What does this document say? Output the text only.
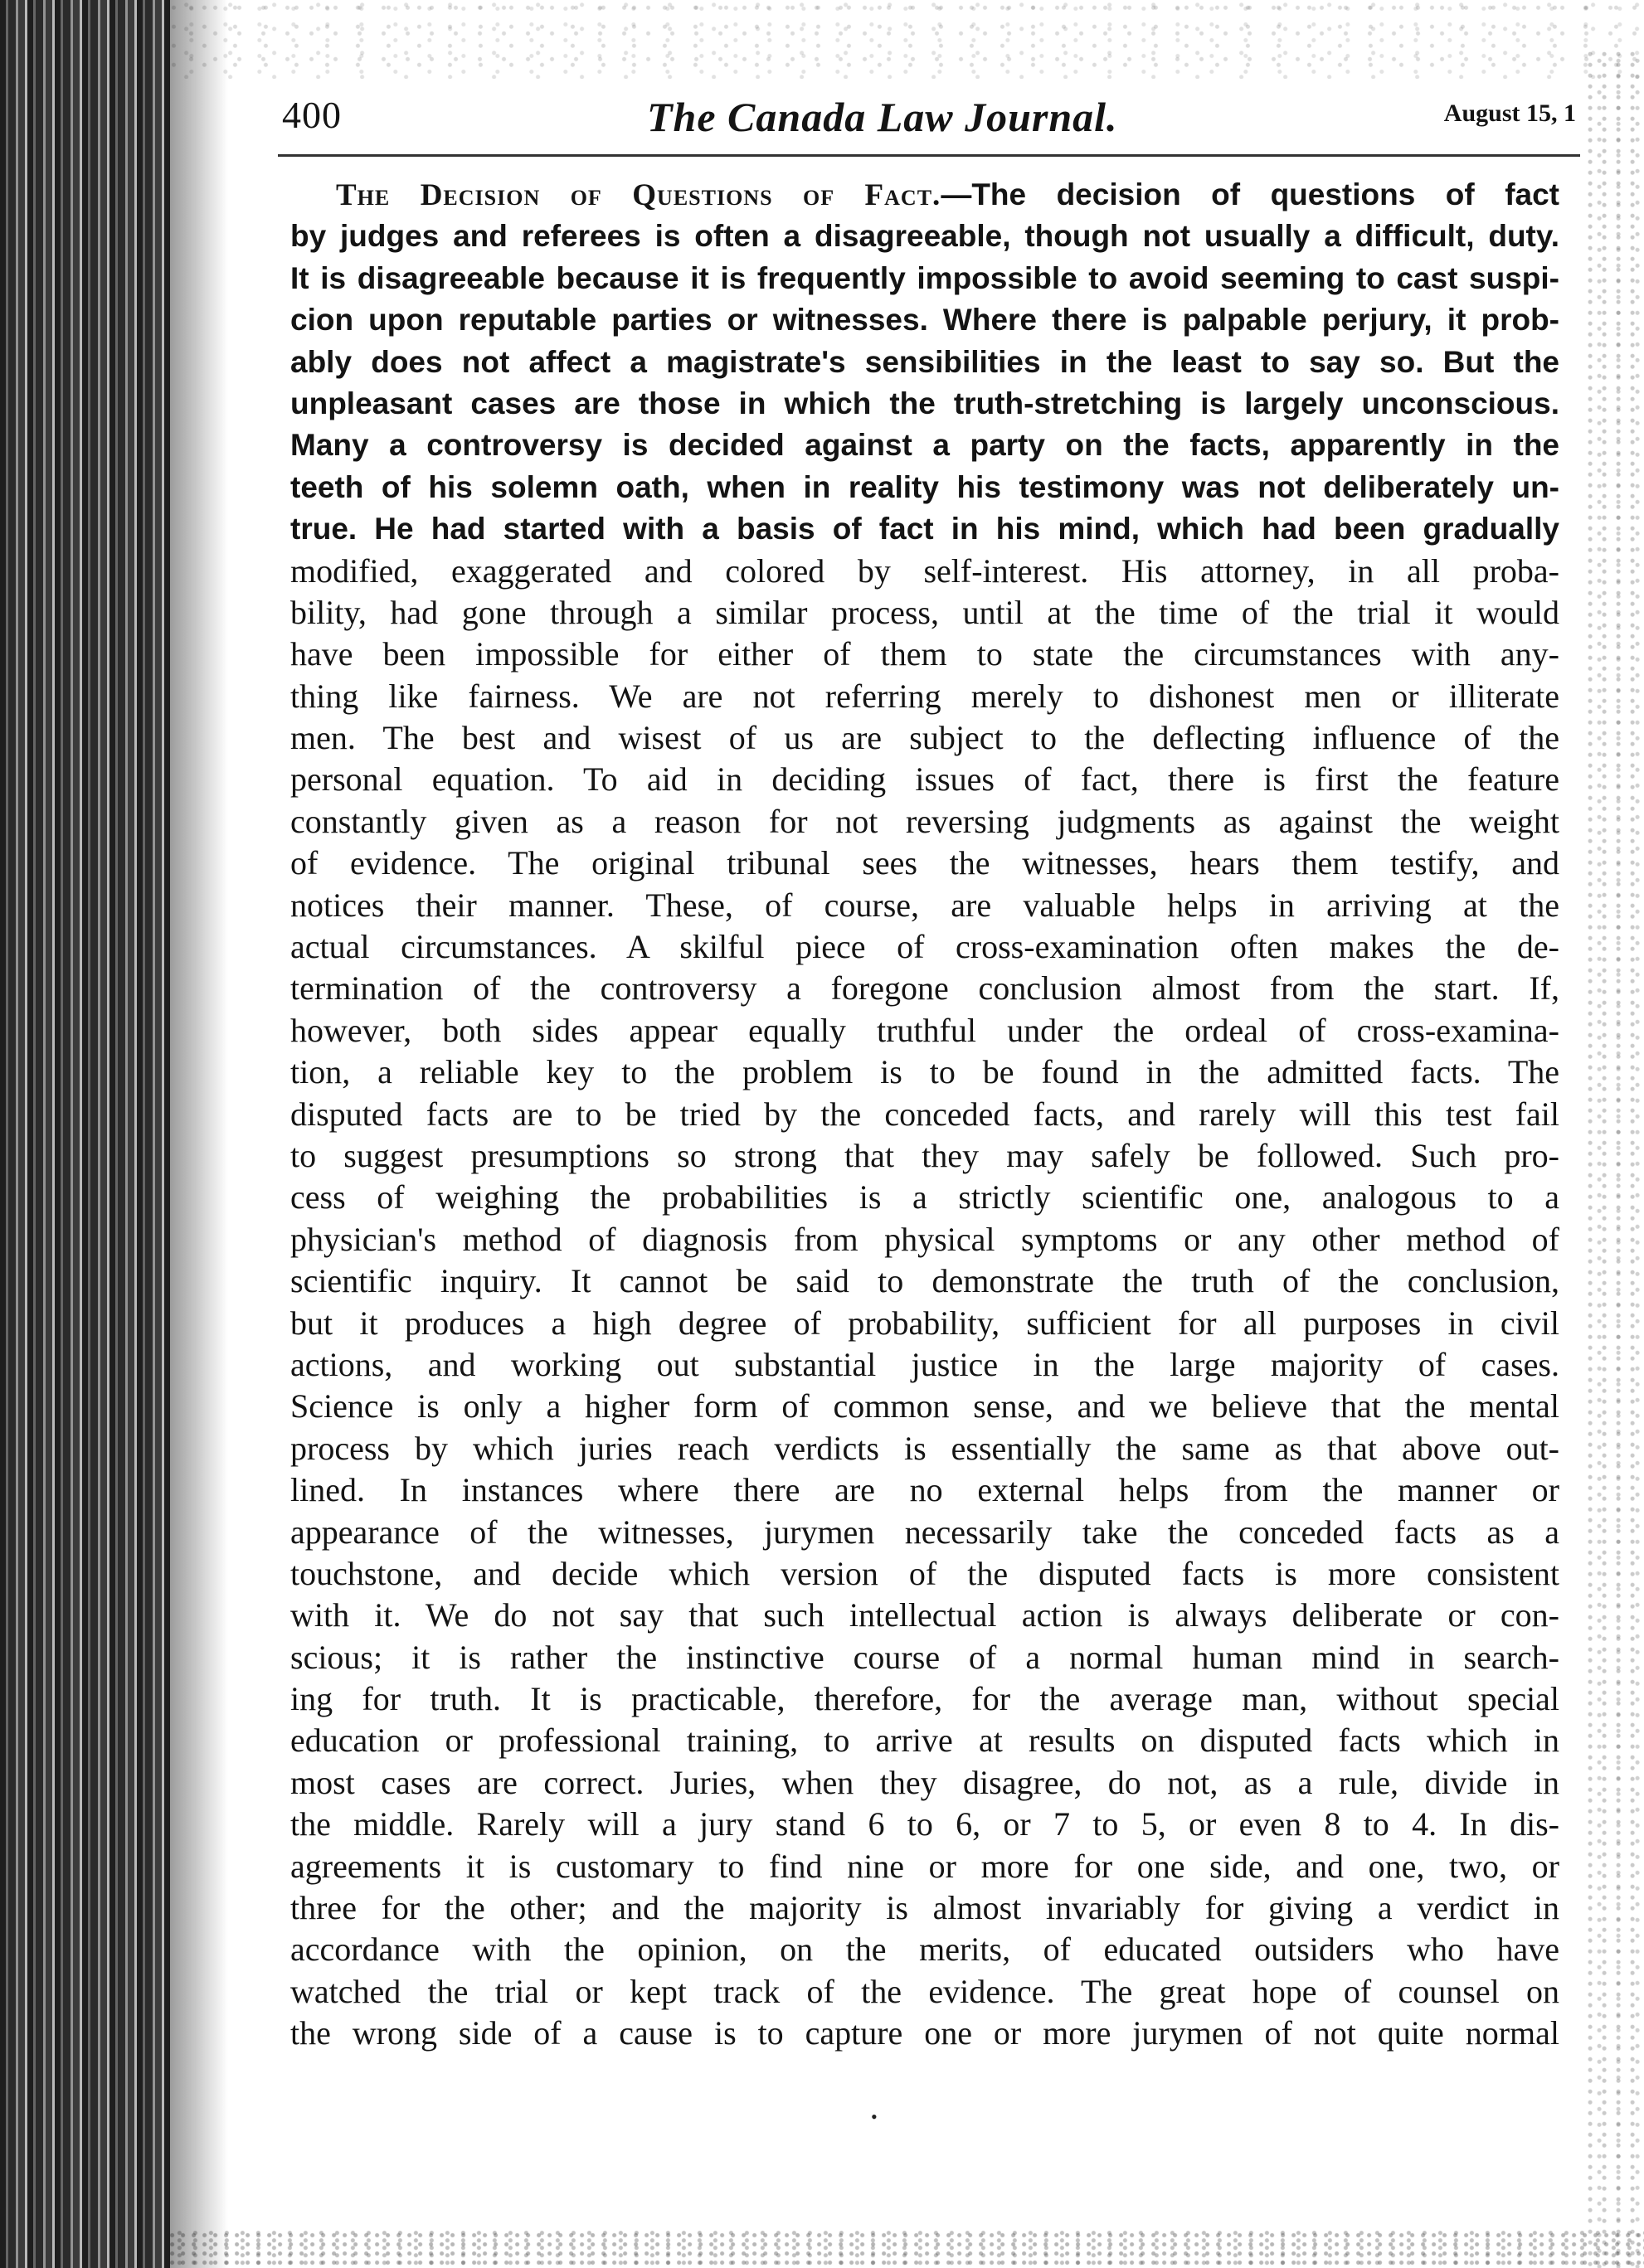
400	The Canada Law Journal.	August 15, 1
The Decision of Questions of Fact.—The decision of questions of fact
by judges and referees is often a disagreeable, though not usually a difficult, duty.
It is disagreeable because it is frequently impossible to avoid seeming to cast suspi-
cion upon reputable parties or witnesses. Where there is palpable perjury, it prob-
ably does not affect a magistrate's sensibilities in the least to say so. But the
unpleasant cases are those in which the truth-stretching is largely unconscious.
Many a controversy is decided against a party on the facts, apparently in the
teeth of his solemn oath, when in reality his testimony was not deliberately un-
true. He had started with a basis of fact in his mind, which had been gradually
modified, exaggerated and colored by self-interest. His attorney, in all proba-
bility, had gone through a similar process, until at the time of the trial it would
have been impossible for either of them to state the circumstances with any-
thing like fairness. We are not referring merely to dishonest men or illiterate
men. The best and wisest of us are subject to the deflecting influence of the
personal equation. To aid in deciding issues of fact, there is first the feature
constantly given as a reason for not reversing judgments as against the weight
of evidence. The original tribunal sees the witnesses, hears them testify, and
notices their manner. These, of course, are valuable helps in arriving at the
actual circumstances. A skilful piece of cross-examination often makes the de-
termination of the controversy a foregone conclusion almost from the start. If,
however, both sides appear equally truthful under the ordeal of cross-examina-
tion, a reliable key to the problem is to be found in the admitted facts. The
disputed facts are to be tried by the conceded facts, and rarely will this test fail
to suggest presumptions so strong that they may safely be followed. Such pro-
cess of weighing the probabilities is a strictly scientific one, analogous to a
physician's method of diagnosis from physical symptoms or any other method of
scientific inquiry. It cannot be said to demonstrate the truth of the conclusion,
but it produces a high degree of probability, sufficient for all purposes in civil
actions, and working out substantial justice in the large majority of cases.
Science is only a higher form of common sense, and we believe that the mental
process by which juries reach verdicts is essentially the same as that above out-
lined. In instances where there are no external helps from the manner or
appearance of the witnesses, jurymen necessarily take the conceded facts as a
touchstone, and decide which version of the disputed facts is more consistent
with it. We do not say that such intellectual action is always deliberate or con-
scious; it is rather the instinctive course of a normal human mind in search-
ing for truth. It is practicable, therefore, for the average man, without special
education or professional training, to arrive at results on disputed facts which in
most cases are correct. Juries, when they disagree, do not, as a rule, divide in
the middle. Rarely will a jury stand 6 to 6, or 7 to 5, or even 8 to 4. In dis-
agreements it is customary to find nine or more for one side, and one, two, or
three for the other; and the majority is almost invariably for giving a verdict in
accordance with the opinion, on the merits, of educated outsiders who have
watched the trial or kept track of the evidence. The great hope of counsel on
the wrong side of a cause is to capture one or more jurymen of not quite normal
•
